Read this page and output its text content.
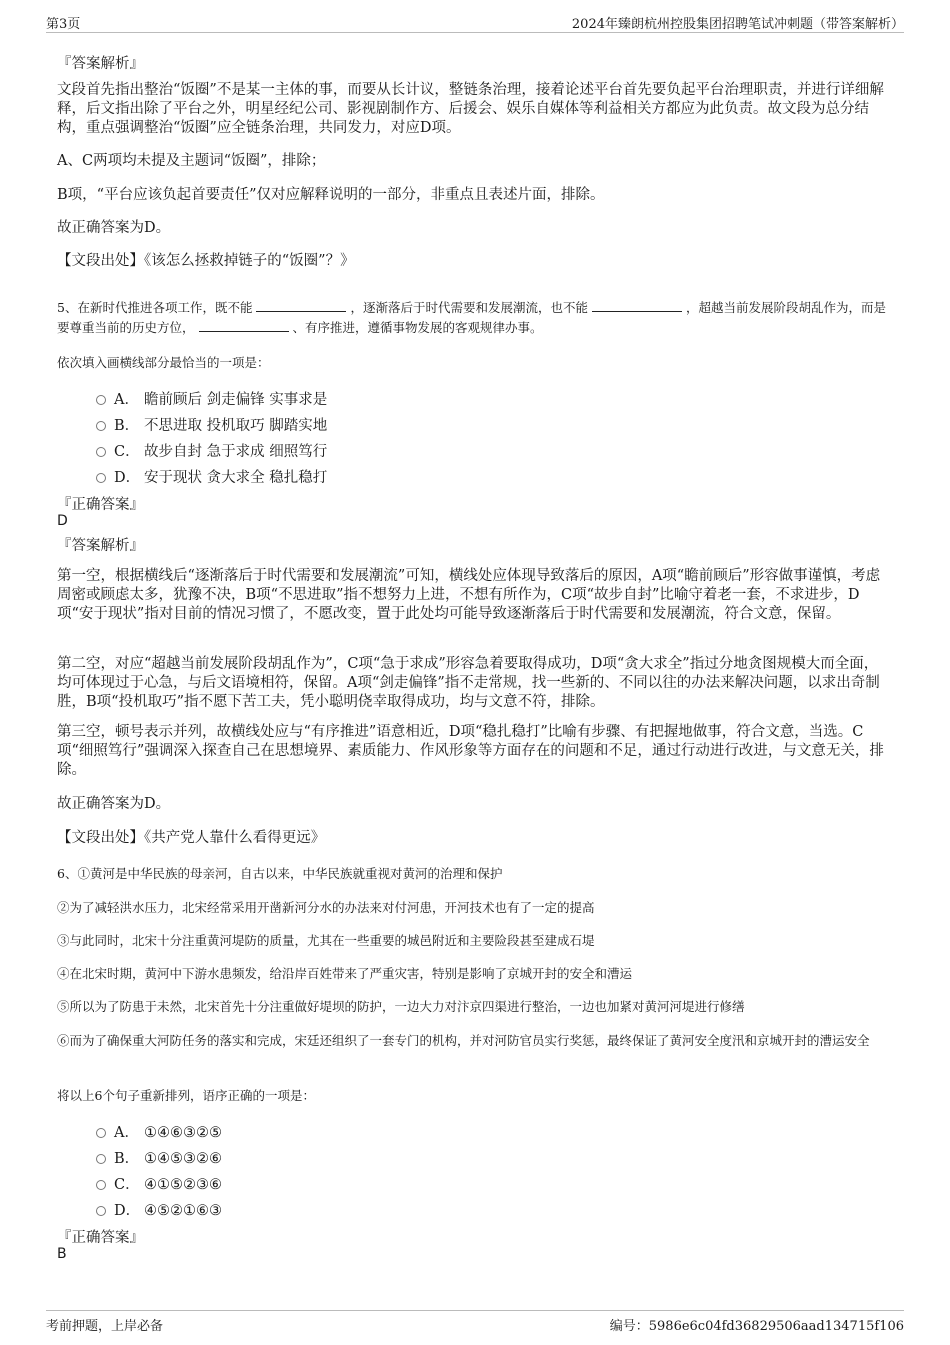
第3页	2024年臻朗杭州控股集团招聘笔试冲刺题（带答案解析）
『答案解析』
文段首先指出整治“饭圈”不是某一主体的事，而要从长计议，整链条治理，接着论述平台首先要负起平台治理职责，并进行详细解释，后文指出除了平台之外，明星经纪公司、影视剧制作方、后援会、娱乐自媒体等利益相关方都应为此负责。故文段为总分结构，重点强调整治“饭圈”应全链条治理，共同发力，对应D项。
A、C两项均未提及主题词“饭圈”，排除；
B项，“平台应该负起首要责任”仅对应解释说明的一部分，非重点且表述片面，排除。
故正确答案为D。
【文段出处】《该怎么拯救掉链子的“饭圈”？》
5、在新时代推进各项工作，既不能	，逐渐落后于时代需要和发展潮流，也不能	，超越当前发展阶段胡乱作为，而是要尊重当前的历史方位，	、有序推进，遵循事物发展的客观规律办事。
依次填入画横线部分最恰当的一项是：
A． 瞻前顾后 剑走偏锋 实事求是
B． 不思进取 投机取巧 脚踏实地
C． 故步自封 急于求成 细照笃行
D． 安于现状 贪大求全 稳扎稳打
『正确答案』
D
『答案解析』
第一空，根据横线后“逐渐落后于时代需要和发展潮流”可知，横线处应体现导致落后的原因，A项“瞻前顾后”形容做事谨慎，考虑周密或顾虑太多，犹豫不决，B项“不思进取”指不想努力上进，不想有所作为，C项“故步自封”比喻守着老一套，不求进步，D项“安于现状”指对目前的情况习惯了，不愿改变，置于此处均可能导致逐渐落后于时代需要和发展潮流，符合文意，保留。
第二空，对应“超越当前发展阶段胡乱作为”，C项“急于求成”形容急着要取得成功，D项“贪大求全”指过分地贪图规模大而全面，均可体现过于心急，与后文语境相符，保留。A项“剑走偏锋”指不走常规，找一些新的、不同以往的办法来解决问题，以求出奇制胜，B项“投机取巧”指不愿下苦工夫，凭小聪明侥幸取得成功，均与文意不符，排除。
第三空，顿号表示并列，故横线处应与“有序推进”语意相近，D项“稳扎稳打”比喻有步骤、有把握地做事，符合文意，当选。C项“细照笃行”强调深入探查自己在思想境界、素质能力、作风形象等方面存在的问题和不足，通过行动进行改进，与文意无关，排除。
故正确答案为D。
【文段出处】《共产党人靠什么看得更远》
6、①黄河是中华民族的母亲河，自古以来，中华民族就重视对黄河的治理和保护
②为了减轻洪水压力，北宋经常采用开凿新河分水的办法来对付河患，开河技术也有了一定的提高
③与此同时，北宋十分注重黄河堤防的质量，尤其在一些重要的城邑附近和主要险段甚至建成石堤
④在北宋时期，黄河中下游水患频发，给沿岸百姓带来了严重灾害，特别是影响了京城开封的安全和漕运
⑤所以为了防患于未然，北宋首先十分注重做好堤坝的防护，一边大力对汴京四渠进行整治，一边也加紧对黄河河堤进行修缮
⑥而为了确保重大河防任务的落实和完成，宋廷还组织了一套专门的机构，并对河防官员实行奖惩，最终保证了黄河安全度汛和京城开封的漕运安全
将以上6个句子重新排列，语序正确的一项是：
A． ①④⑥③②⑤
B． ①④⑤③②⑥
C． ④①⑤②③⑥
D． ④⑤②①⑥③
『正确答案』
B
考前押题，上岸必备	编号：5986e6c04fd36829506aad134715f106
